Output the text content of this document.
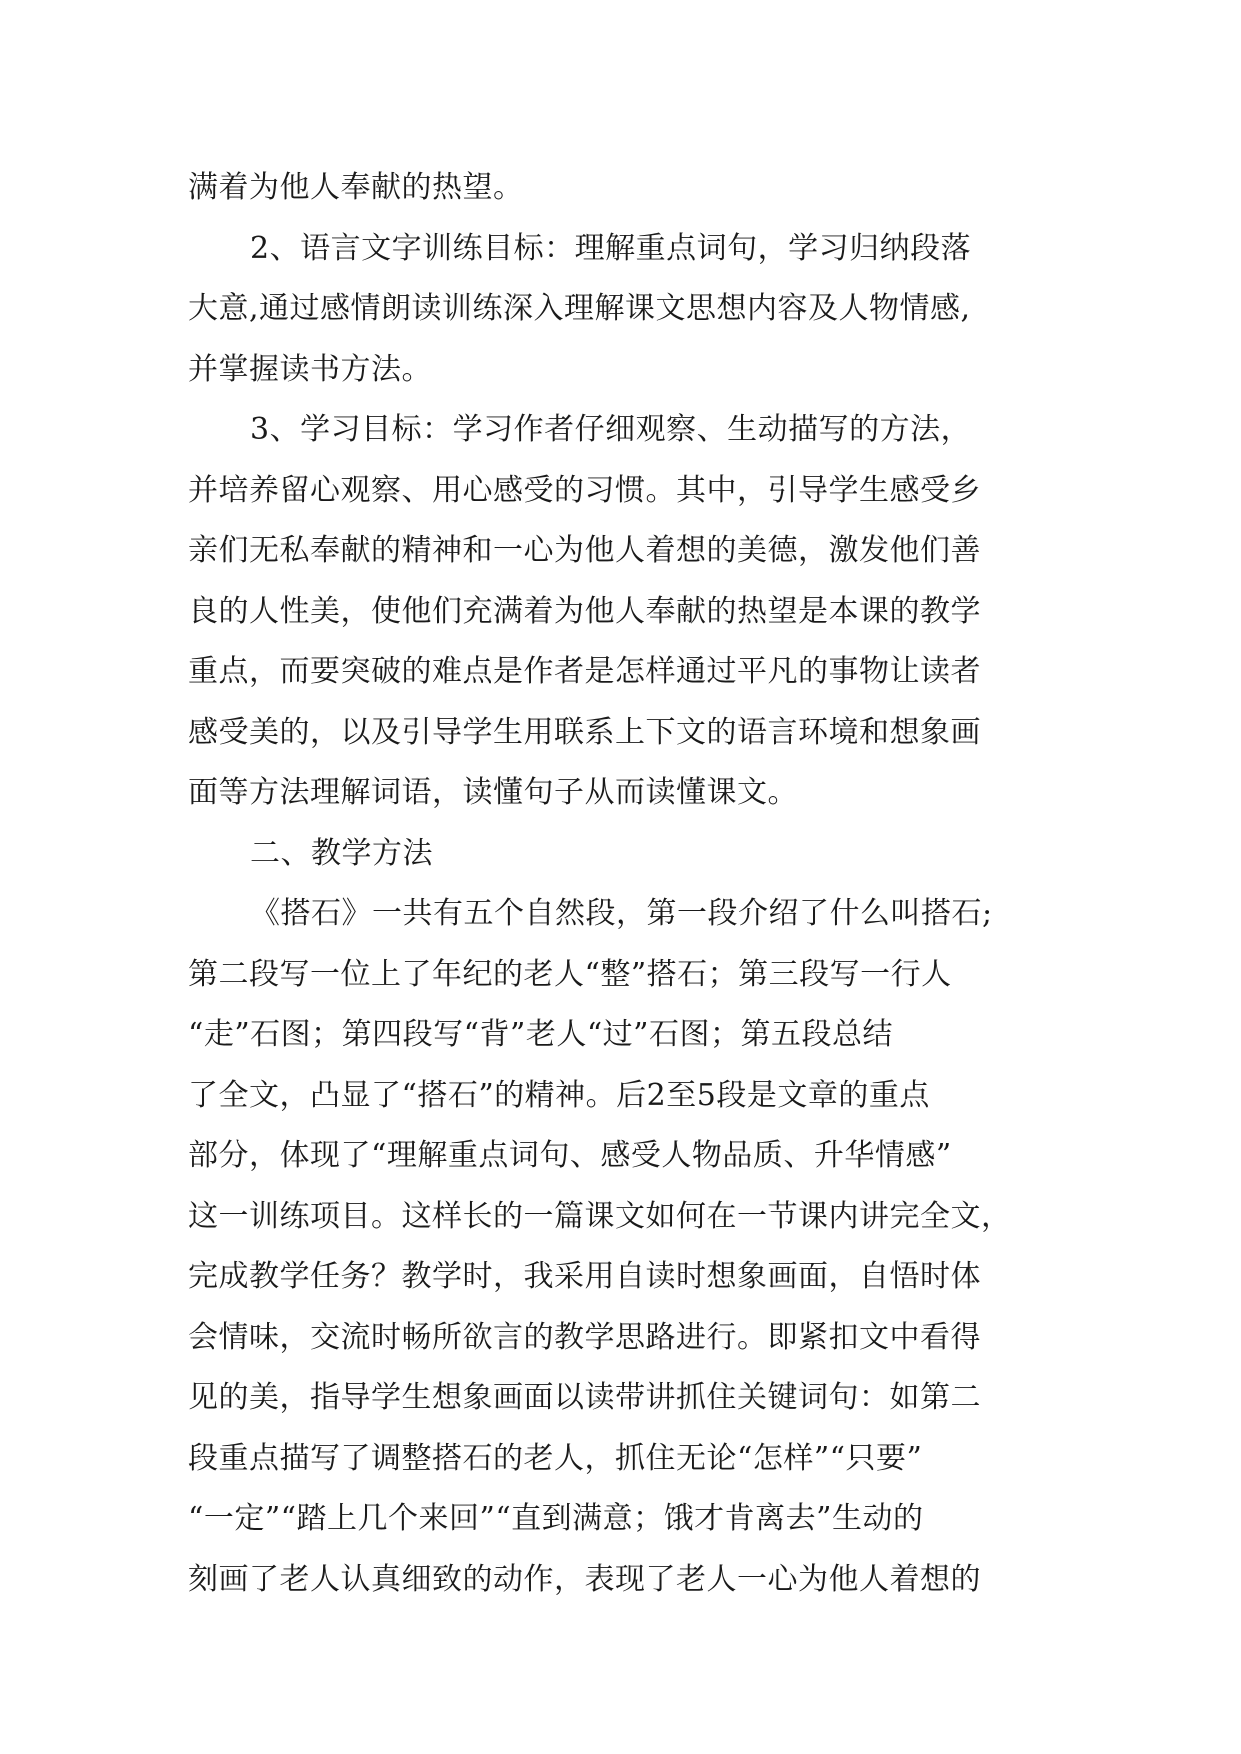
满着为他人奉献的热望。
2、语言文字训练目标：理解重点词句，学习归纳段落
大意,通过感情朗读训练深入理解课文思想内容及人物情感,
并掌握读书方法。
3、学习目标：学习作者仔细观察、生动描写的方法，
并培养留心观察、用心感受的习惯。其中，引导学生感受乡
亲们无私奉献的精神和一心为他人着想的美德，激发他们善
良的人性美，使他们充满着为他人奉献的热望是本课的教学
重点，而要突破的难点是作者是怎样通过平凡的事物让读者
感受美的，以及引导学生用联系上下文的语言环境和想象画
面等方法理解词语，读懂句子从而读懂课文。
二、教学方法
《搭石》一共有五个自然段，第一段介绍了什么叫搭石;
第二段写一位上了年纪的老人“整”搭石；第三段写一行人
“走”石图；第四段写“背”老人“过”石图；第五段总结
了全文，凸显了“搭石”的精神。后2至5段是文章的重点
部分，体现了“理解重点词句、感受人物品质、升华情感”
这一训练项目。这样长的一篇课文如何在一节课内讲完全文，
完成教学任务？教学时，我采用自读时想象画面，自悟时体
会情味，交流时畅所欲言的教学思路进行。即紧扣文中看得
见的美，指导学生想象画面以读带讲抓住关键词句：如第二
段重点描写了调整搭石的老人，抓住无论“怎样”“只要”
“一定”“踏上几个来回”“直到满意；饿才肯离去”生动的
刻画了老人认真细致的动作，表现了老人一心为他人着想的
